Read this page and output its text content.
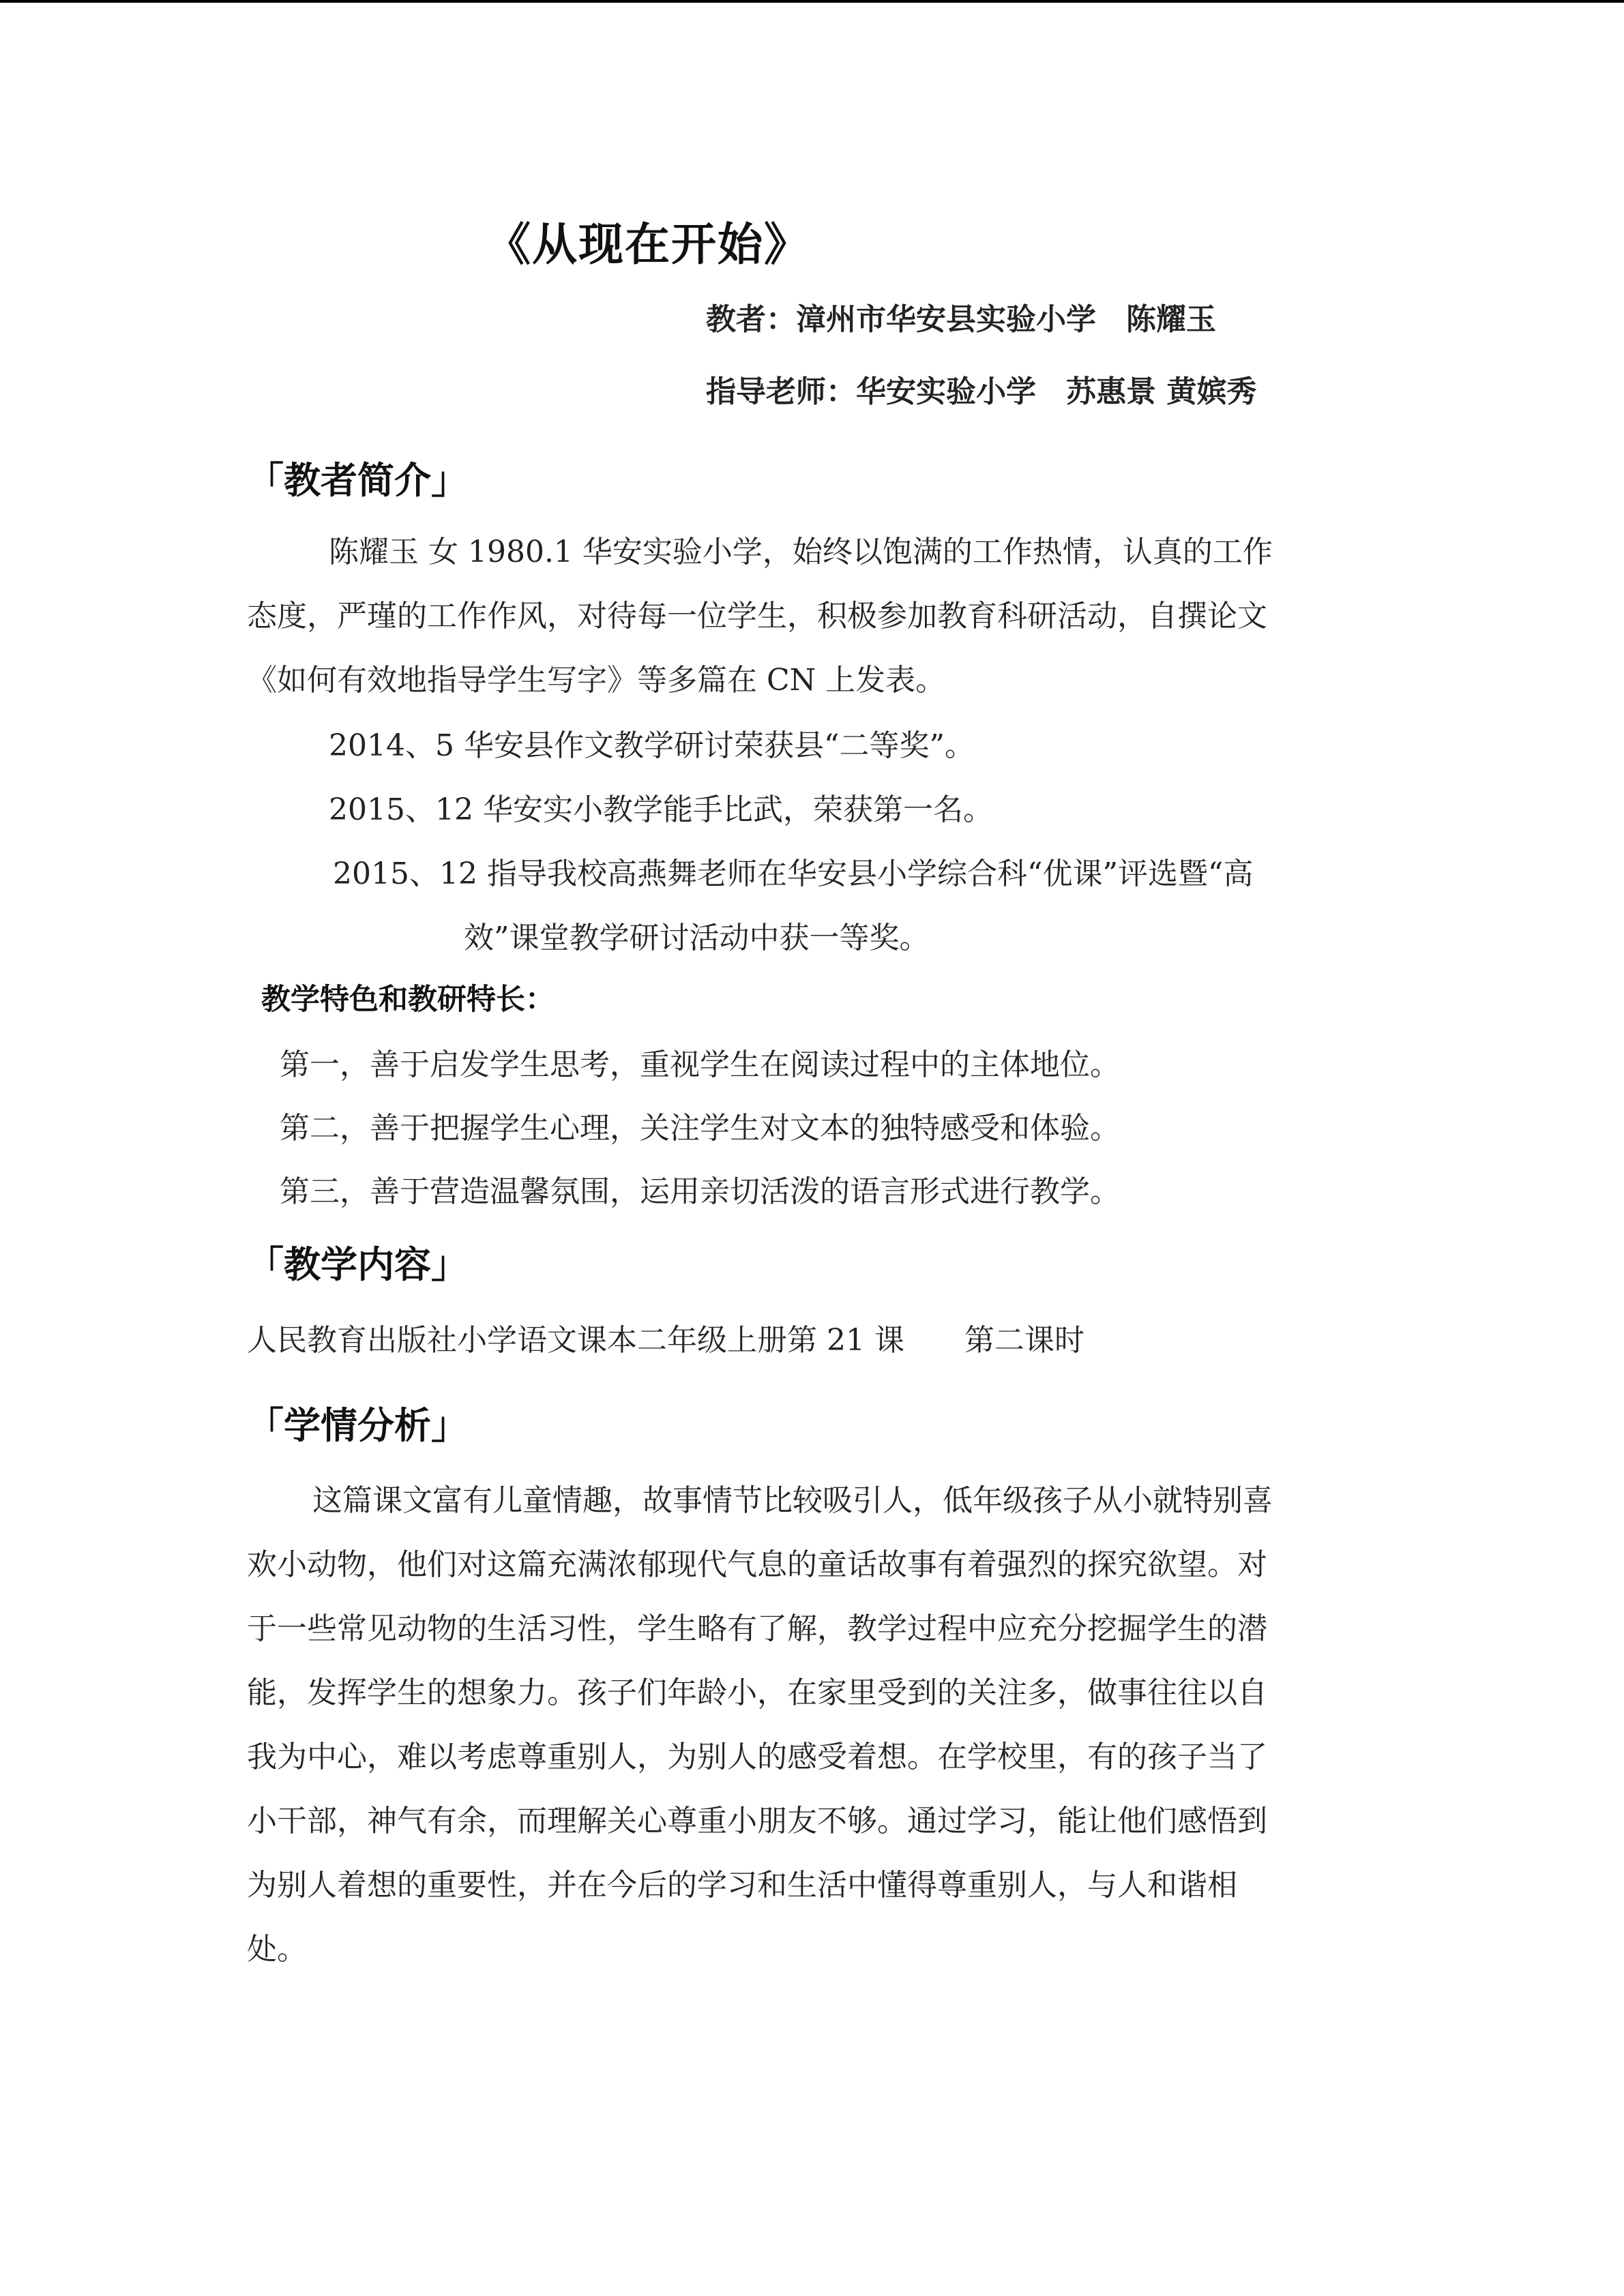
《从现在开始》
教者：漳州市华安县实验小学　陈耀玉
指导老师：华安实验小学　苏惠景 黄嫔秀
「教者简介」
陈耀玉 女 1980.1 华安实验小学，始终以饱满的工作热情，认真的工作
态度，严瑾的工作作风，对待每一位学生，积极参加教育科研活动，自撰论文
《如何有效地指导学生写字》等多篇在 CN 上发表。
2014、5 华安县作文教学研讨荣获县“二等奖”。
2015、12 华安实小教学能手比武，荣获第一名。
2015、12 指导我校高燕舞老师在华安县小学综合科“优课”评选暨“高
效”课堂教学研讨活动中获一等奖。
教学特色和教研特长：
第一，善于启发学生思考，重视学生在阅读过程中的主体地位。
第二，善于把握学生心理，关注学生对文本的独特感受和体验。
第三，善于营造温馨氛围，运用亲切活泼的语言形式进行教学。
「教学内容」
人民教育出版社小学语文课本二年级上册第 21 课　　第二课时
「学情分析」
这篇课文富有儿童情趣，故事情节比较吸引人，低年级孩子从小就特别喜
欢小动物，他们对这篇充满浓郁现代气息的童话故事有着强烈的探究欲望。对
于一些常见动物的生活习性，学生略有了解，教学过程中应充分挖掘学生的潜
能，发挥学生的想象力。孩子们年龄小，在家里受到的关注多，做事往往以自
我为中心，难以考虑尊重别人，为别人的感受着想。在学校里，有的孩子当了
小干部，神气有余，而理解关心尊重小朋友不够。通过学习，能让他们感悟到
为别人着想的重要性，并在今后的学习和生活中懂得尊重别人，与人和谐相
处。
